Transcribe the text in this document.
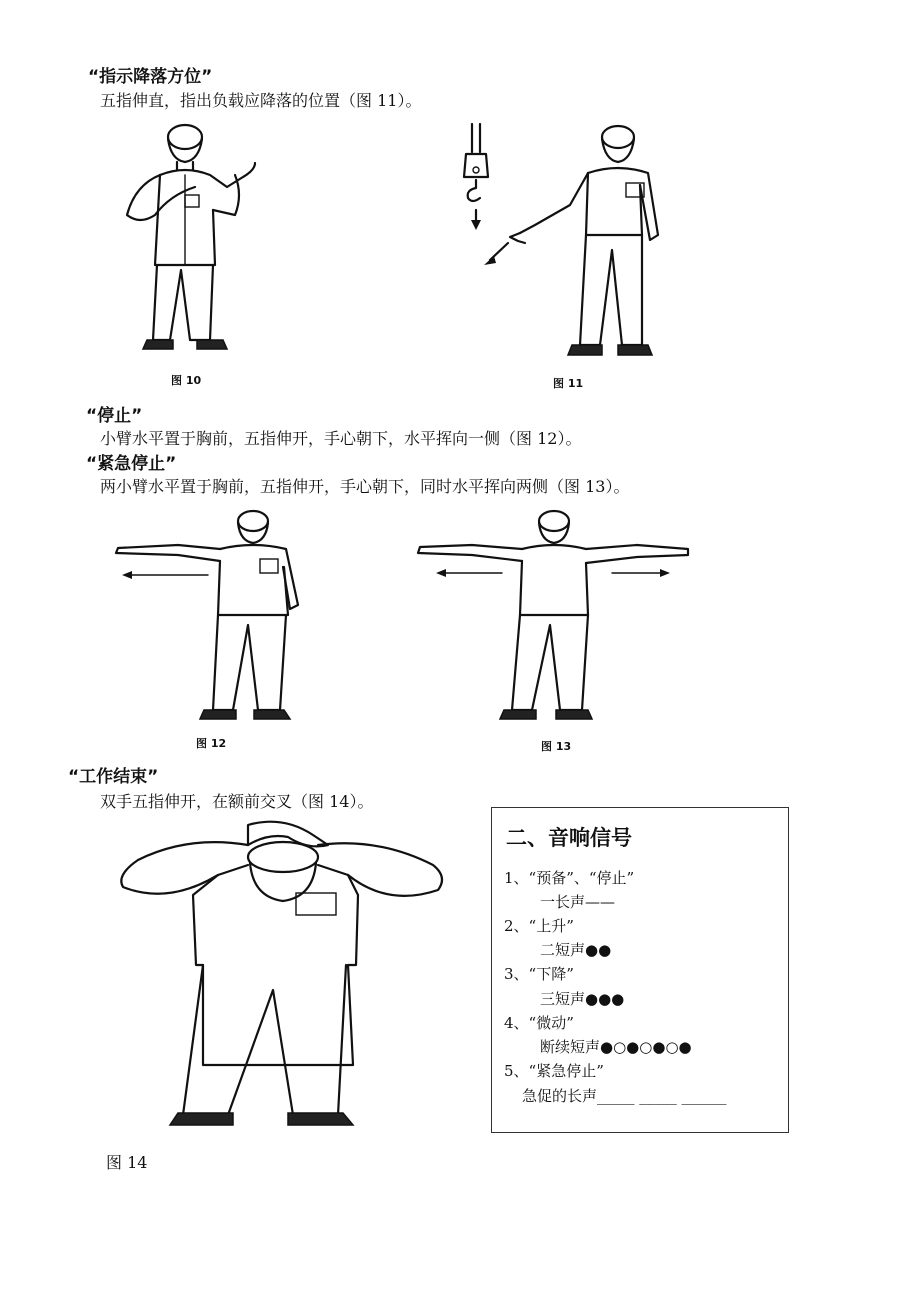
“指示降落方位”
五指伸直，指出负载应降落的位置（图 11）。
图 10	图 11
“停止”
小臂水平置于胸前，五指伸开，手心朝下，水平挥向一侧（图 12）。
“紧急停止”
两小臂水平置于胸前，五指伸开，手心朝下，同时水平挥向两侧（图 13）。
图 12	图 13
“工作结束”
双手五指伸开，在额前交叉（图 14）。
图 14
二、音响信号
1、“预备”、“停止”
一长声——
2、“上升”
二短声●●
3、“下降”
三短声●●●
4、“微动”
断续短声●○●○●○●
5、“紧急停止”
急促的长声_____ _____ ______
